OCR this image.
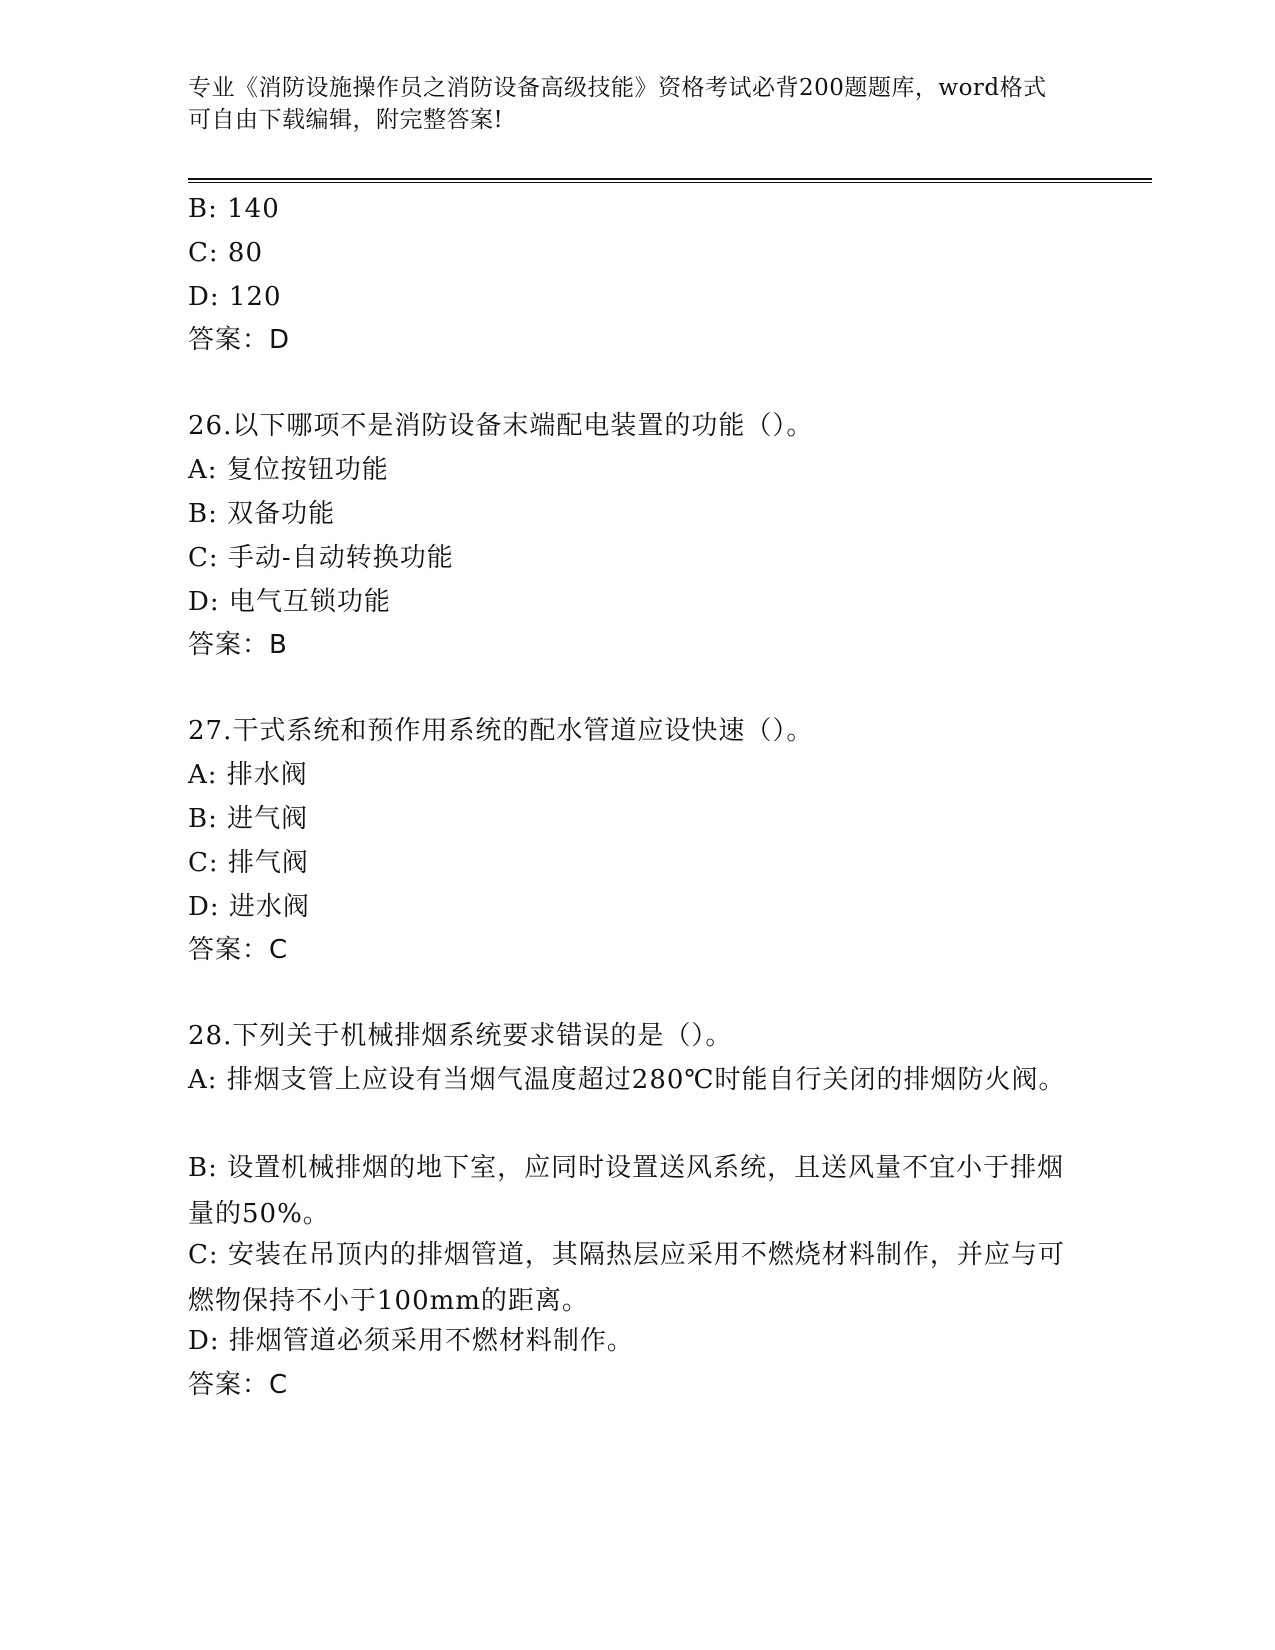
专业《消防设施操作员之消防设备高级技能》资格考试必背200题题库，word格式可自由下载编辑，附完整答案!
B: 140
C: 80
D: 120
答案：D
26.以下哪项不是消防设备末端配电装置的功能（）。
A: 复位按钮功能
B: 双备功能
C: 手动-自动转换功能
D: 电气互锁功能
答案：B
27.干式系统和预作用系统的配水管道应设快速（）。
A: 排水阀
B: 进气阀
C: 排气阀
D: 进水阀
答案：C
28.下列关于机械排烟系统要求错误的是（）。
A: 排烟支管上应设有当烟气温度超过280℃时能自行关闭的排烟防火阀。
B: 设置机械排烟的地下室，应同时设置送风系统，且送风量不宜小于排烟量的50%。
C: 安装在吊顶内的排烟管道，其隔热层应采用不燃烧材料制作，并应与可燃物保持不小于100mm的距离。
D: 排烟管道必须采用不燃材料制作。
答案：C
